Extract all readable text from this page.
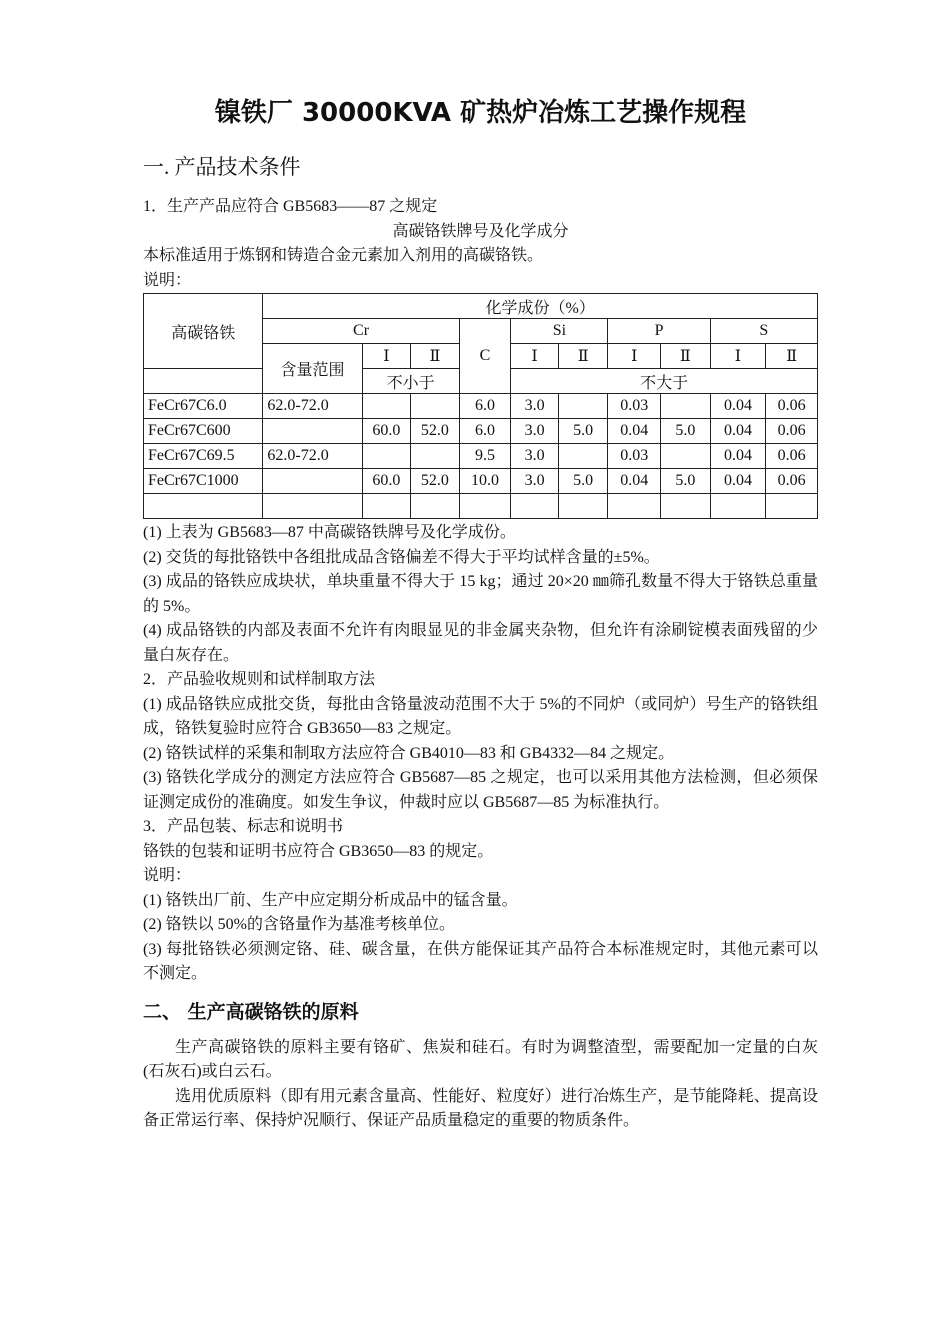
镍铁厂 30000KVA 矿热炉冶炼工艺操作规程
一. 产品技术条件

1．生产产品应符合 GB5683——87 之规定

高碳铬铁牌号及化学成分

本标准适用于炼钢和铸造合金元素加入剂用的高碳铬铁。

说明：

高碳铬铁	化学成份（%）									
	Cr			C	Si		P		S	
	含量范围	Ⅰ	Ⅱ		Ⅰ	Ⅱ	Ⅰ	Ⅱ	Ⅰ	Ⅱ
		不小于			不大于					
FeCr67C6.0	62.0-72.0			6.0	3.0		0.03		0.04	0.06
FeCr67C600		60.0	52.0	6.0	3.0	5.0	0.04	5.0	0.04	0.06
FeCr67C69.5	62.0-72.0			9.5	3.0		0.03		0.04	0.06
FeCr67C1000		60.0	52.0	10.0	3.0	5.0	0.04	5.0	0.04	0.06

(1) 上表为 GB5683—87 中高碳铬铁牌号及化学成份。

(2) 交货的每批铬铁中各组批成品含铬偏差不得大于平均试样含量的±5%。

(3) 成品的铬铁应成块状，单块重量不得大于 15 kg；通过 20×20 ㎜筛孔数量不得大于铬铁总重量的 5%。

(4) 成品铬铁的内部及表面不允许有肉眼显见的非金属夹杂物，但允许有涂刷锭模表面残留的少量白灰存在。

2．产品验收规则和试样制取方法

(1) 成品铬铁应成批交货，每批由含铬量波动范围不大于 5%的不同炉（或同炉）号生产的铬铁组成，铬铁复验时应符合 GB3650—83 之规定。

(2) 铬铁试样的采集和制取方法应符合 GB4010—83 和 GB4332—84 之规定。

(3) 铬铁化学成分的测定方法应符合 GB5687—85 之规定，也可以采用其他方法检测，但必须保证测定成份的准确度。如发生争议，仲裁时应以 GB5687—85 为标准执行。

3．产品包装、标志和说明书

铬铁的包装和证明书应符合 GB3650—83 的规定。

说明：

(1) 铬铁出厂前、生产中应定期分析成品中的锰含量。

(2) 铬铁以 50%的含铬量作为基准考核单位。

(3) 每批铬铁必须测定铬、硅、碳含量，在供方能保证其产品符合本标准规定时，其他元素可以不测定。

二、 生产高碳铬铁的原料

生产高碳铬铁的原料主要有铬矿、焦炭和硅石。有时为调整渣型，需要配加一定量的白灰(石灰石)或白云石。

选用优质原料（即有用元素含量高、性能好、粒度好）进行冶炼生产，是节能降耗、提高设备正常运行率、保持炉况顺行、保证产品质量稳定的重要的物质条件。
